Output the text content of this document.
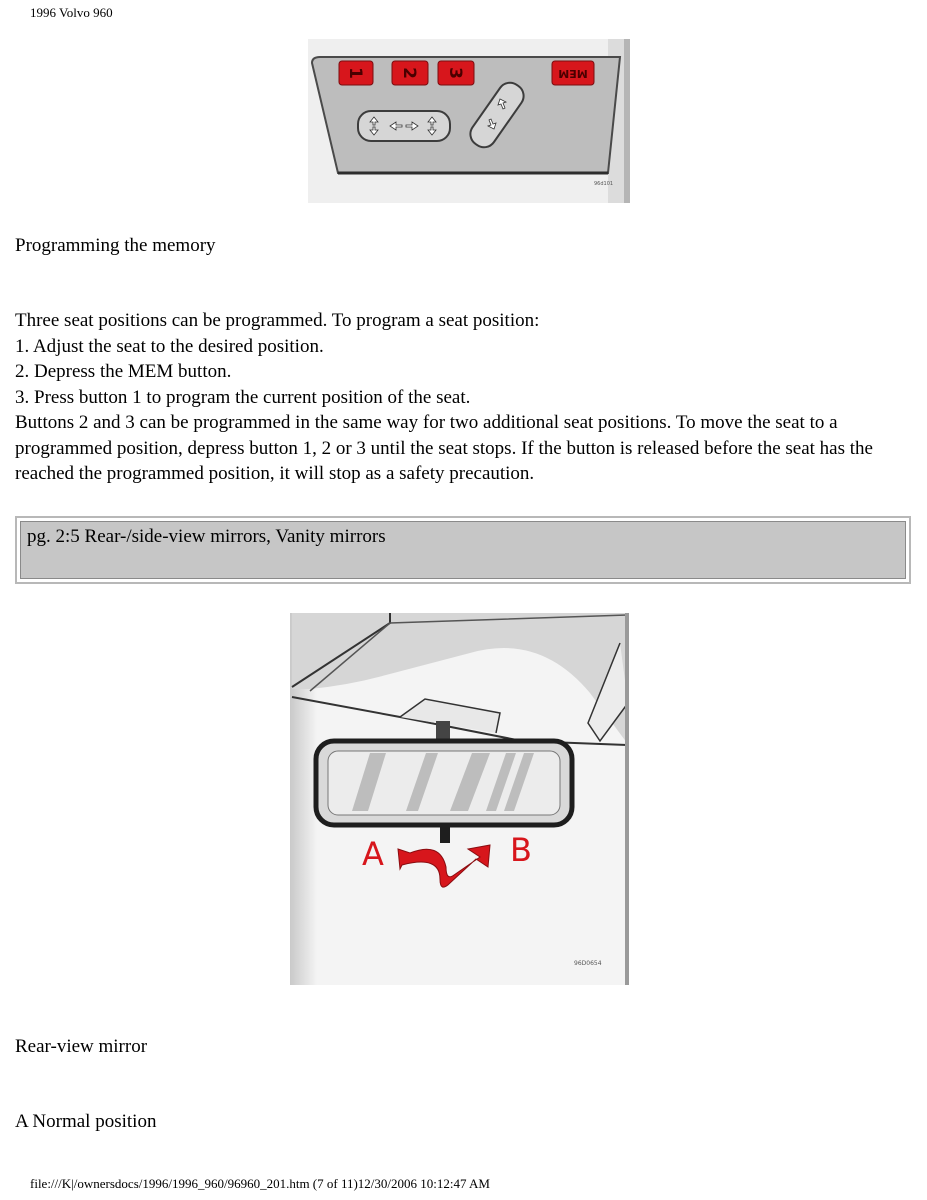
1996 Volvo 960
1 2 3	MEM
96d101
Programming the memory
Three seat positions can be programmed. To program a seat position:
1. Adjust the seat to the desired position.
2. Depress the MEM button.
3. Press button 1 to program the current position of the seat.
Buttons 2 and 3 can be programmed in the same way for two additional seat positions. To move the seat to a programmed position, depress button 1, 2 or 3 until the seat stops. If the button is released before the seat has the reached the programmed position, it will stop as a safety precaution.
pg. 2:5 Rear-/side-view mirrors, Vanity mirrors
A	B
96D0654
Rear-view mirror
A Normal position
file:///K|/ownersdocs/1996/1996_960/96960_201.htm (7 of 11)12/30/2006 10:12:47 AM
